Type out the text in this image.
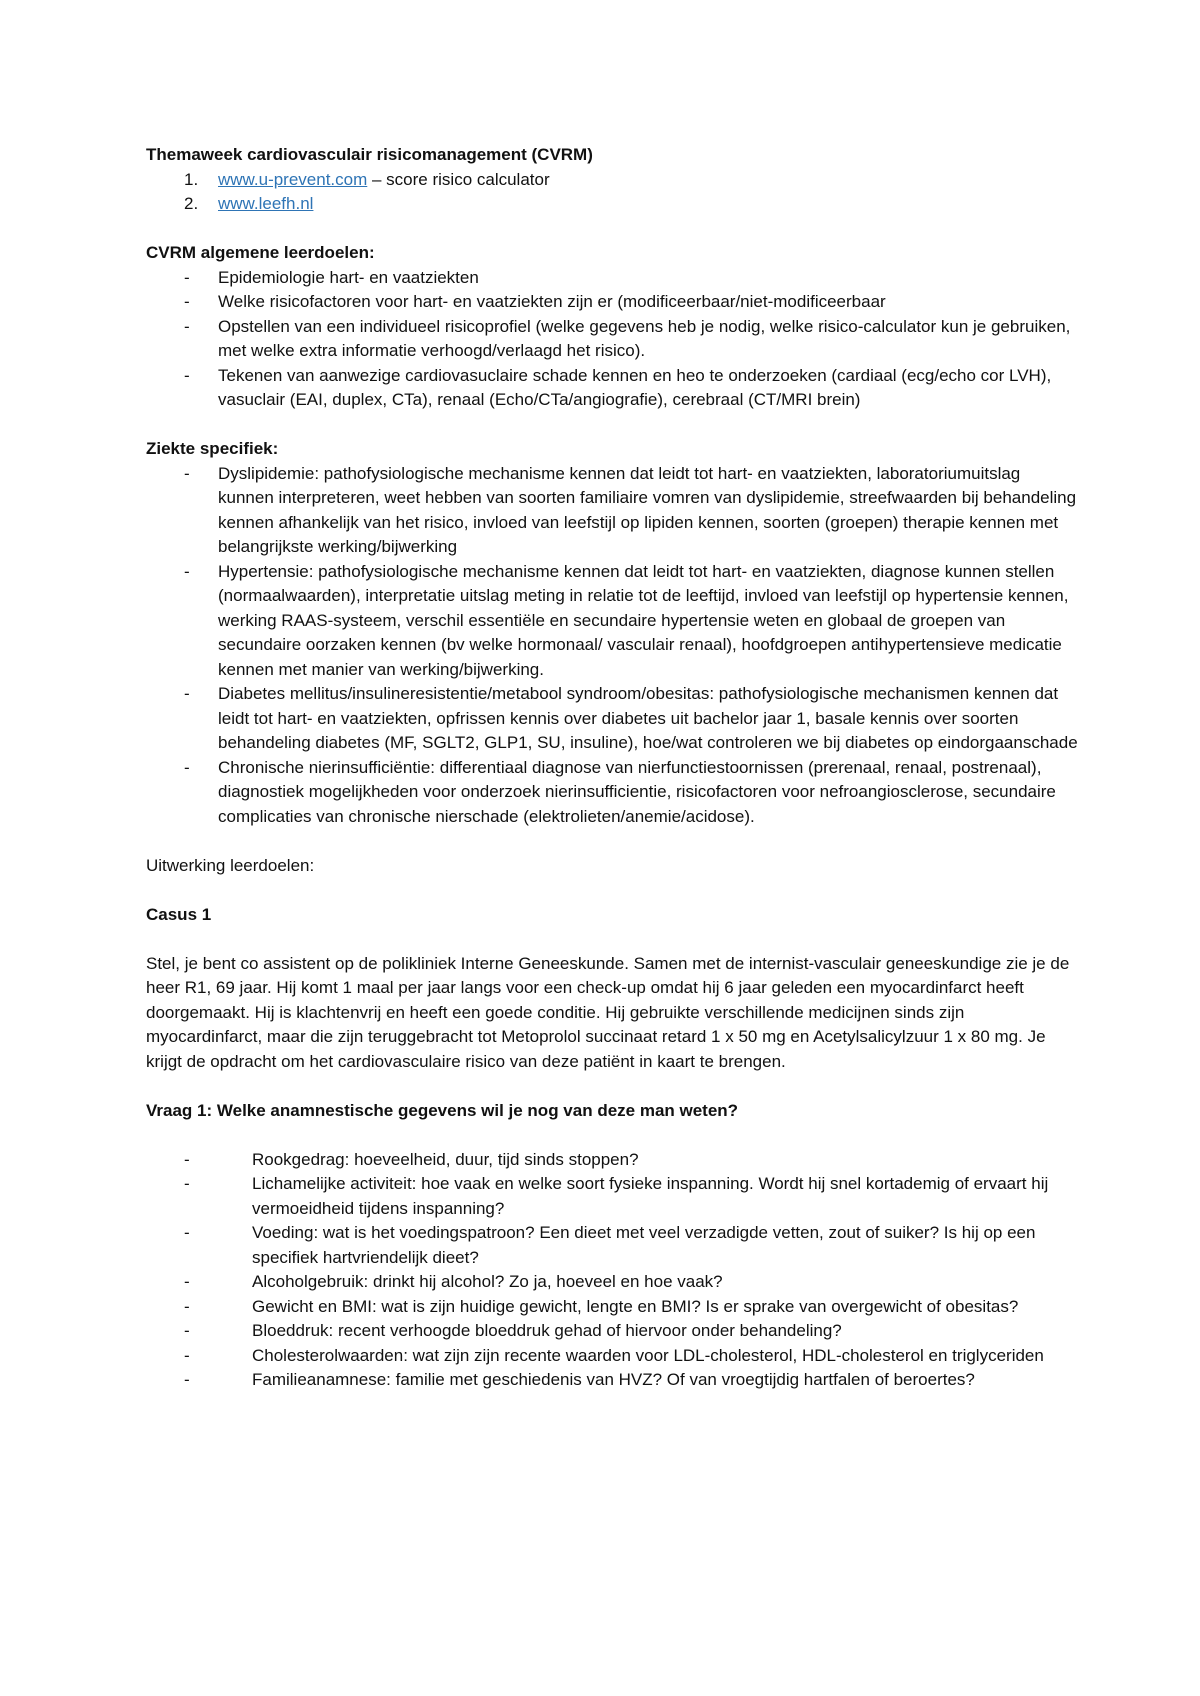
Themaweek cardiovasculair risicomanagement (CVRM)

1. www.u-prevent.com – score risico calculator
2. www.leefh.nl

CVRM algemene leerdoelen:

- Epidemiologie hart- en vaatziekten
- Welke risicofactoren voor hart- en vaatziekten zijn er (modificeerbaar/niet-modificeerbaar
- Opstellen van een individueel risicoprofiel (welke gegevens heb je nodig, welke risico-calculator kun je gebruiken, met welke extra informatie verhoogd/verlaagd het risico).
- Tekenen van aanwezige cardiovasuclaire schade kennen en heo te onderzoeken (cardiaal (ecg/echo cor LVH), vasuclair (EAI, duplex, CTa), renaal (Echo/CTa/angiografie), cerebraal (CT/MRI brein)

Ziekte specifiek:

- Dyslipidemie: pathofysiologische mechanisme kennen dat leidt tot hart- en vaatziekten, laboratoriumuitslag kunnen interpreteren, weet hebben van soorten familiaire vomren van dyslipidemie, streefwaarden bij behandeling kennen afhankelijk van het risico, invloed van leefstijl op lipiden kennen, soorten (groepen) therapie kennen met belangrijkste werking/bijwerking
- Hypertensie: pathofysiologische mechanisme kennen dat leidt tot hart- en vaatziekten, diagnose kunnen stellen (normaalwaarden), interpretatie uitslag meting in relatie tot de leeftijd, invloed van leefstijl op hypertensie kennen, werking RAAS-systeem, verschil essentiële en secundaire hypertensie weten en globaal de groepen van secundaire oorzaken kennen (bv welke hormonaal/ vasculair renaal), hoofdgroepen antihypertensieve medicatie kennen met manier van werking/bijwerking.
- Diabetes mellitus/insulineresistentie/metabool syndroom/obesitas: pathofysiologische mechanismen kennen dat leidt tot hart- en vaatziekten, opfrissen kennis over diabetes uit bachelor jaar 1, basale kennis over soorten behandeling diabetes (MF, SGLT2, GLP1, SU, insuline), hoe/wat controleren we bij diabetes op eindorgaanschade
- Chronische nierinsufficiëntie: differentiaal diagnose van nierfunctiestoornissen (prerenaal, renaal, postrenaal), diagnostiek mogelijkheden voor onderzoek nierinsufficientie, risicofactoren voor nefroangiosclerose, secundaire complicaties van chronische nierschade (elektrolieten/anemie/acidose).

Uitwerking leerdoelen:

Casus 1

Stel, je bent co assistent op de polikliniek Interne Geneeskunde. Samen met de internist-vasculair geneeskundige zie je de heer R1, 69 jaar. Hij komt 1 maal per jaar langs voor een check-up omdat hij 6 jaar geleden een myocardinfarct heeft doorgemaakt. Hij is klachtenvrij en heeft een goede conditie. Hij gebruikte verschillende medicijnen sinds zijn myocardinfarct, maar die zijn teruggebracht tot Metoprolol succinaat retard 1 x 50 mg en Acetylsalicylzuur 1 x 80 mg. Je krijgt de opdracht om het cardiovasculaire risico van deze patiënt in kaart te brengen.

Vraag 1: Welke anamnestische gegevens wil je nog van deze man weten?

-	Rookgedrag: hoeveelheid, duur, tijd sinds stoppen?
-	Lichamelijke activiteit: hoe vaak en welke soort fysieke inspanning. Wordt hij snel kortademig of ervaart hij vermoeidheid tijdens inspanning?
-	Voeding: wat is het voedingspatroon? Een dieet met veel verzadigde vetten, zout of suiker? Is hij op een specifiek hartvriendelijk dieet?
-	Alcoholgebruik: drinkt hij alcohol? Zo ja, hoeveel en hoe vaak?
-	Gewicht en BMI: wat is zijn huidige gewicht, lengte en BMI? Is er sprake van overgewicht of obesitas?
-	Bloeddruk: recent verhoogde bloeddruk gehad of hiervoor onder behandeling?
-	Cholesterolwaarden: wat zijn zijn recente waarden voor LDL-cholesterol, HDL-cholesterol en triglyceriden
-	Familieanamnese: familie met geschiedenis van HVZ? Of van vroegtijdig hartfalen of beroertes?
